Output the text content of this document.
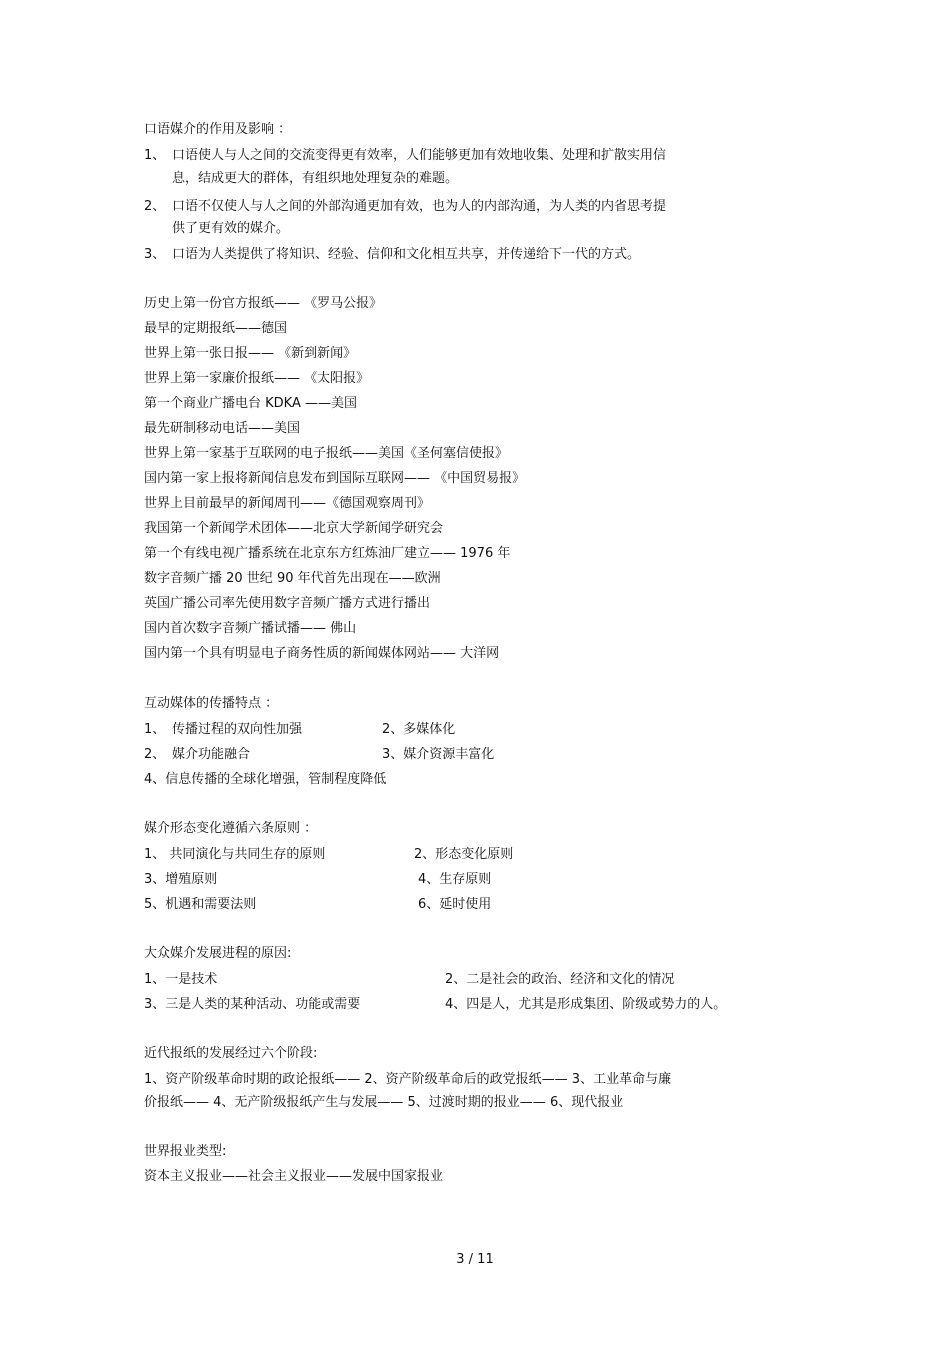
口语媒介的作用及影响 ：
1、 口语使人与人之间的交流变得更有效率，人们能够更加有效地收集、处理和扩散实用信
息，结成更大的群体，有组织地处理复杂的难题。
2、 口语不仅使人与人之间的外部沟通更加有效，也为人的内部沟通，为人类的内省思考提
供了更有效的媒介。
3、 口语为人类提供了将知识、经验、信仰和文化相互共享，并传递给下一代的方式。
历史上第一份官方报纸—— 《罗马公报》
最早的定期报纸——德国
世界上第一张日报—— 《新到新闻》
世界上第一家廉价报纸—— 《太阳报》
第一个商业广播电台 KDKA ——美国
最先研制移动电话——美国
世界上第一家基于互联网的电子报纸——美国《圣何塞信使报》
国内第一家上报将新闻信息发布到国际互联网—— 《中国贸易报》
世界上目前最早的新闻周刊——《德国观察周刊》
我国第一个新闻学术团体——北京大学新闻学研究会
第一个有线电视广播系统在北京东方红炼油厂建立—— 1976 年
数字音频广播 20 世纪 90 年代首先出现在——欧洲
英国广播公司率先使用数字音频广播方式进行播出
国内首次数字音频广播试播—— 佛山
国内第一个具有明显电子商务性质的新闻媒体网站—— 大洋网
互动媒体的传播特点 ：
1、 传播过程的双向性加强	2、多媒体化
2、 媒介功能融合	3、媒介资源丰富化
4、信息传播的全球化增强，管制程度降低
媒介形态变化遵循六条原则 ：
1、 共同演化与共同生存的原则	2、形态变化原则
3、增殖原则	4、生存原则
5、机遇和需要法则	6、延时使用
大众媒介发展进程的原因:
1、一是技术	2、二是社会的政治、经济和文化的情况
3、三是人类的某种活动、功能或需要	4、四是人，尤其是形成集团、阶级或势力的人。
近代报纸的发展经过六个阶段:
1、资产阶级革命时期的政论报纸—— 2、资产阶级革命后的政党报纸—— 3、工业革命与廉
价报纸—— 4、无产阶级报纸产生与发展—— 5、过渡时期的报业—— 6、现代报业
世界报业类型:
资本主义报业——社会主义报业——发展中国家报业
3 / 11
